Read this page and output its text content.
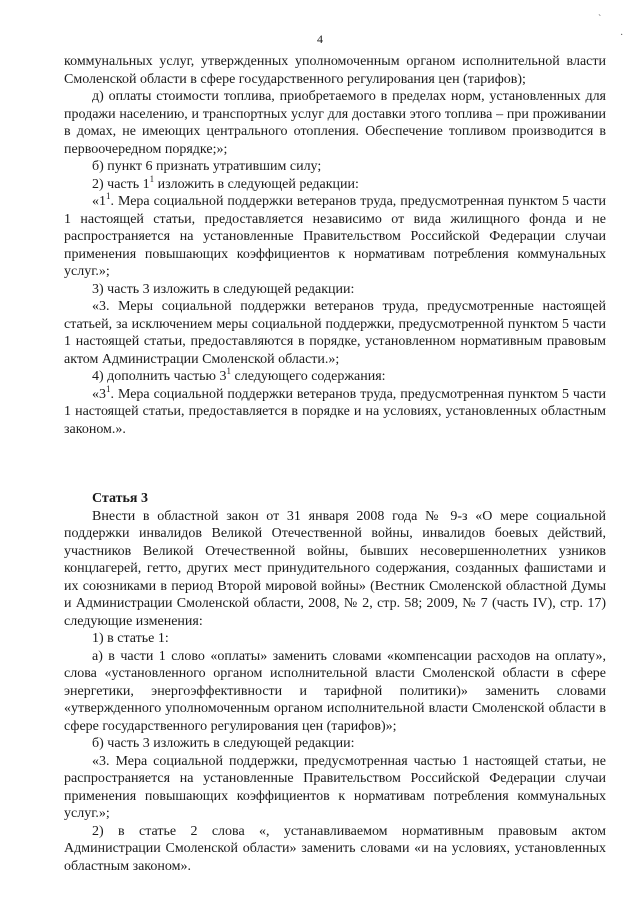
4
ˋ
·

коммунальных услуг, утвержденных уполномоченным органом исполнительной власти Смоленской области в сфере государственного регулирования цен (тарифов);

д) оплаты стоимости топлива, приобретаемого в пределах норм, установленных для продажи населению, и транспортных услуг для доставки этого топлива – при проживании в домах, не имеющих центрального отопления. Обеспечение топливом производится в первоочередном порядке;»;

б) пункт 6 признать утратившим силу;

2) часть $1^1$ изложить в следующей редакции:

«$1^1$. Мера социальной поддержки ветеранов труда, предусмотренная пунктом 5 части 1 настоящей статьи, предоставляется независимо от вида жилищного фонда и не распространяется на установленные Правительством Российской Федерации случаи применения повышающих коэффициентов к нормативам потребления коммунальных услуг.»;

3) часть 3 изложить в следующей редакции:

«3. Меры социальной поддержки ветеранов труда, предусмотренные настоящей статьей, за исключением меры социальной поддержки, предусмотренной пунктом 5 части 1 настоящей статьи, предоставляются в порядке, установленном нормативным правовым актом Администрации Смоленской области.»;

4) дополнить частью $3^1$ следующего содержания:

«$3^1$. Мера социальной поддержки ветеранов труда, предусмотренная пунктом 5 части 1 настоящей статьи, предоставляется в порядке и на условиях, установленных областным законом.».

Статья 3

Внести в областной закон от 31 января 2008 года № 9-з «О мере социальной поддержки инвалидов Великой Отечественной войны, инвалидов боевых действий, участников Великой Отечественной войны, бывших несовершеннолетних узников концлагерей, гетто, других мест принудительного содержания, созданных фашистами и их союзниками в период Второй мировой войны» (Вестник Смоленской областной Думы и Администрации Смоленской области, 2008, № 2, стр. 58; 2009, № 7 (часть IV), стр. 17) следующие изменения:

1) в статье 1:

а) в части 1 слово «оплаты» заменить словами «компенсации расходов на оплату», слова «установленного органом исполнительной власти Смоленской области в сфере энергетики, энергоэффективности и тарифной политики)» заменить словами «утвержденного уполномоченным органом исполнительной власти Смоленской области в сфере государственного регулирования цен (тарифов)»;

б) часть 3 изложить в следующей редакции:

«3. Мера социальной поддержки, предусмотренная частью 1 настоящей статьи, не распространяется на установленные Правительством Российской Федерации случаи применения повышающих коэффициентов к нормативам потребления коммунальных услуг.»;

2) в статье 2 слова «, устанавливаемом нормативным правовым актом Администрации Смоленской области» заменить словами «и на условиях, установленных областным законом».
